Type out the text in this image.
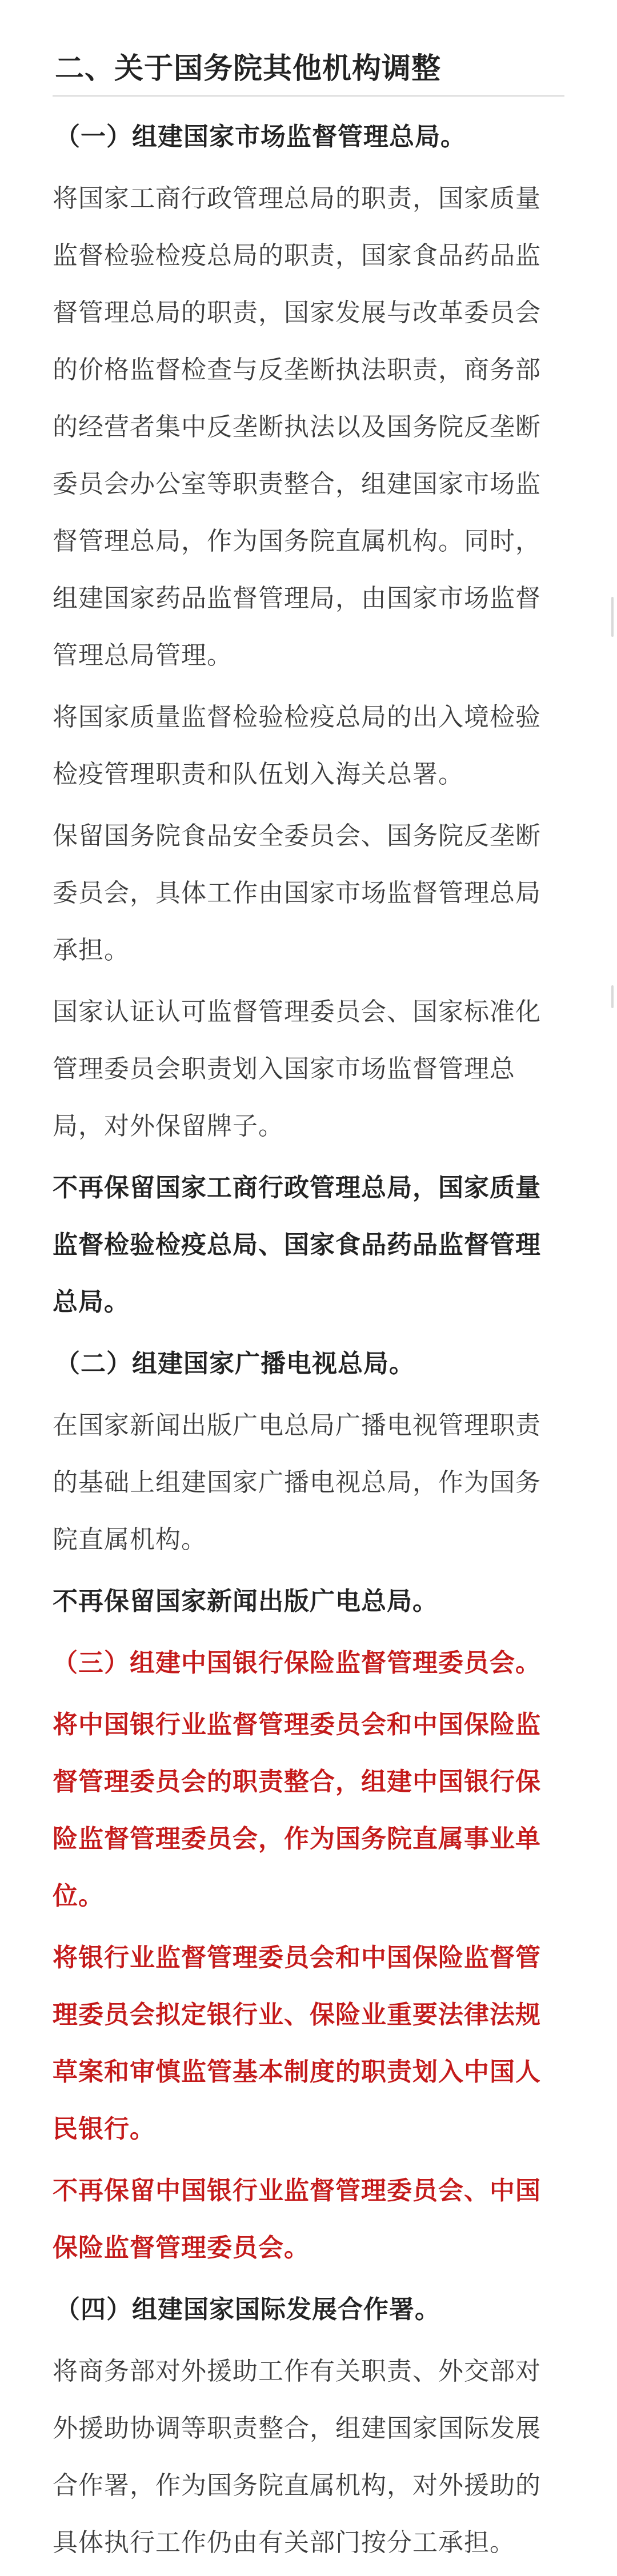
二、关于国务院其他机构调整

（一）组建国家市场监督管理总局。

将国家工商行政管理总局的职责，国家质量监督检验检疫总局的职责，国家食品药品监督管理总局的职责，国家发展与改革委员会的价格监督检查与反垄断执法职责，商务部的经营者集中反垄断执法以及国务院反垄断委员会办公室等职责整合，组建国家市场监督管理总局，作为国务院直属机构。同时，组建国家药品监督管理局，由国家市场监督管理总局管理。

将国家质量监督检验检疫总局的出入境检验检疫管理职责和队伍划入海关总署。

保留国务院食品安全委员会、国务院反垄断委员会，具体工作由国家市场监督管理总局承担。

国家认证认可监督管理委员会、国家标准化管理委员会职责划入国家市场监督管理总局，对外保留牌子。

不再保留国家工商行政管理总局，国家质量监督检验检疫总局、国家食品药品监督管理总局。

（二）组建国家广播电视总局。

在国家新闻出版广电总局广播电视管理职责的基础上组建国家广播电视总局，作为国务院直属机构。

不再保留国家新闻出版广电总局。

（三）组建中国银行保险监督管理委员会。

将中国银行业监督管理委员会和中国保险监督管理委员会的职责整合，组建中国银行保险监督管理委员会，作为国务院直属事业单位。

将银行业监督管理委员会和中国保险监督管理委员会拟定银行业、保险业重要法律法规草案和审慎监管基本制度的职责划入中国人民银行。

不再保留中国银行业监督管理委员会、中国保险监督管理委员会。

（四）组建国家国际发展合作署。

将商务部对外援助工作有关职责、外交部对外援助协调等职责整合，组建国家国际发展合作署，作为国务院直属机构，对外援助的具体执行工作仍由有关部门按分工承担。
